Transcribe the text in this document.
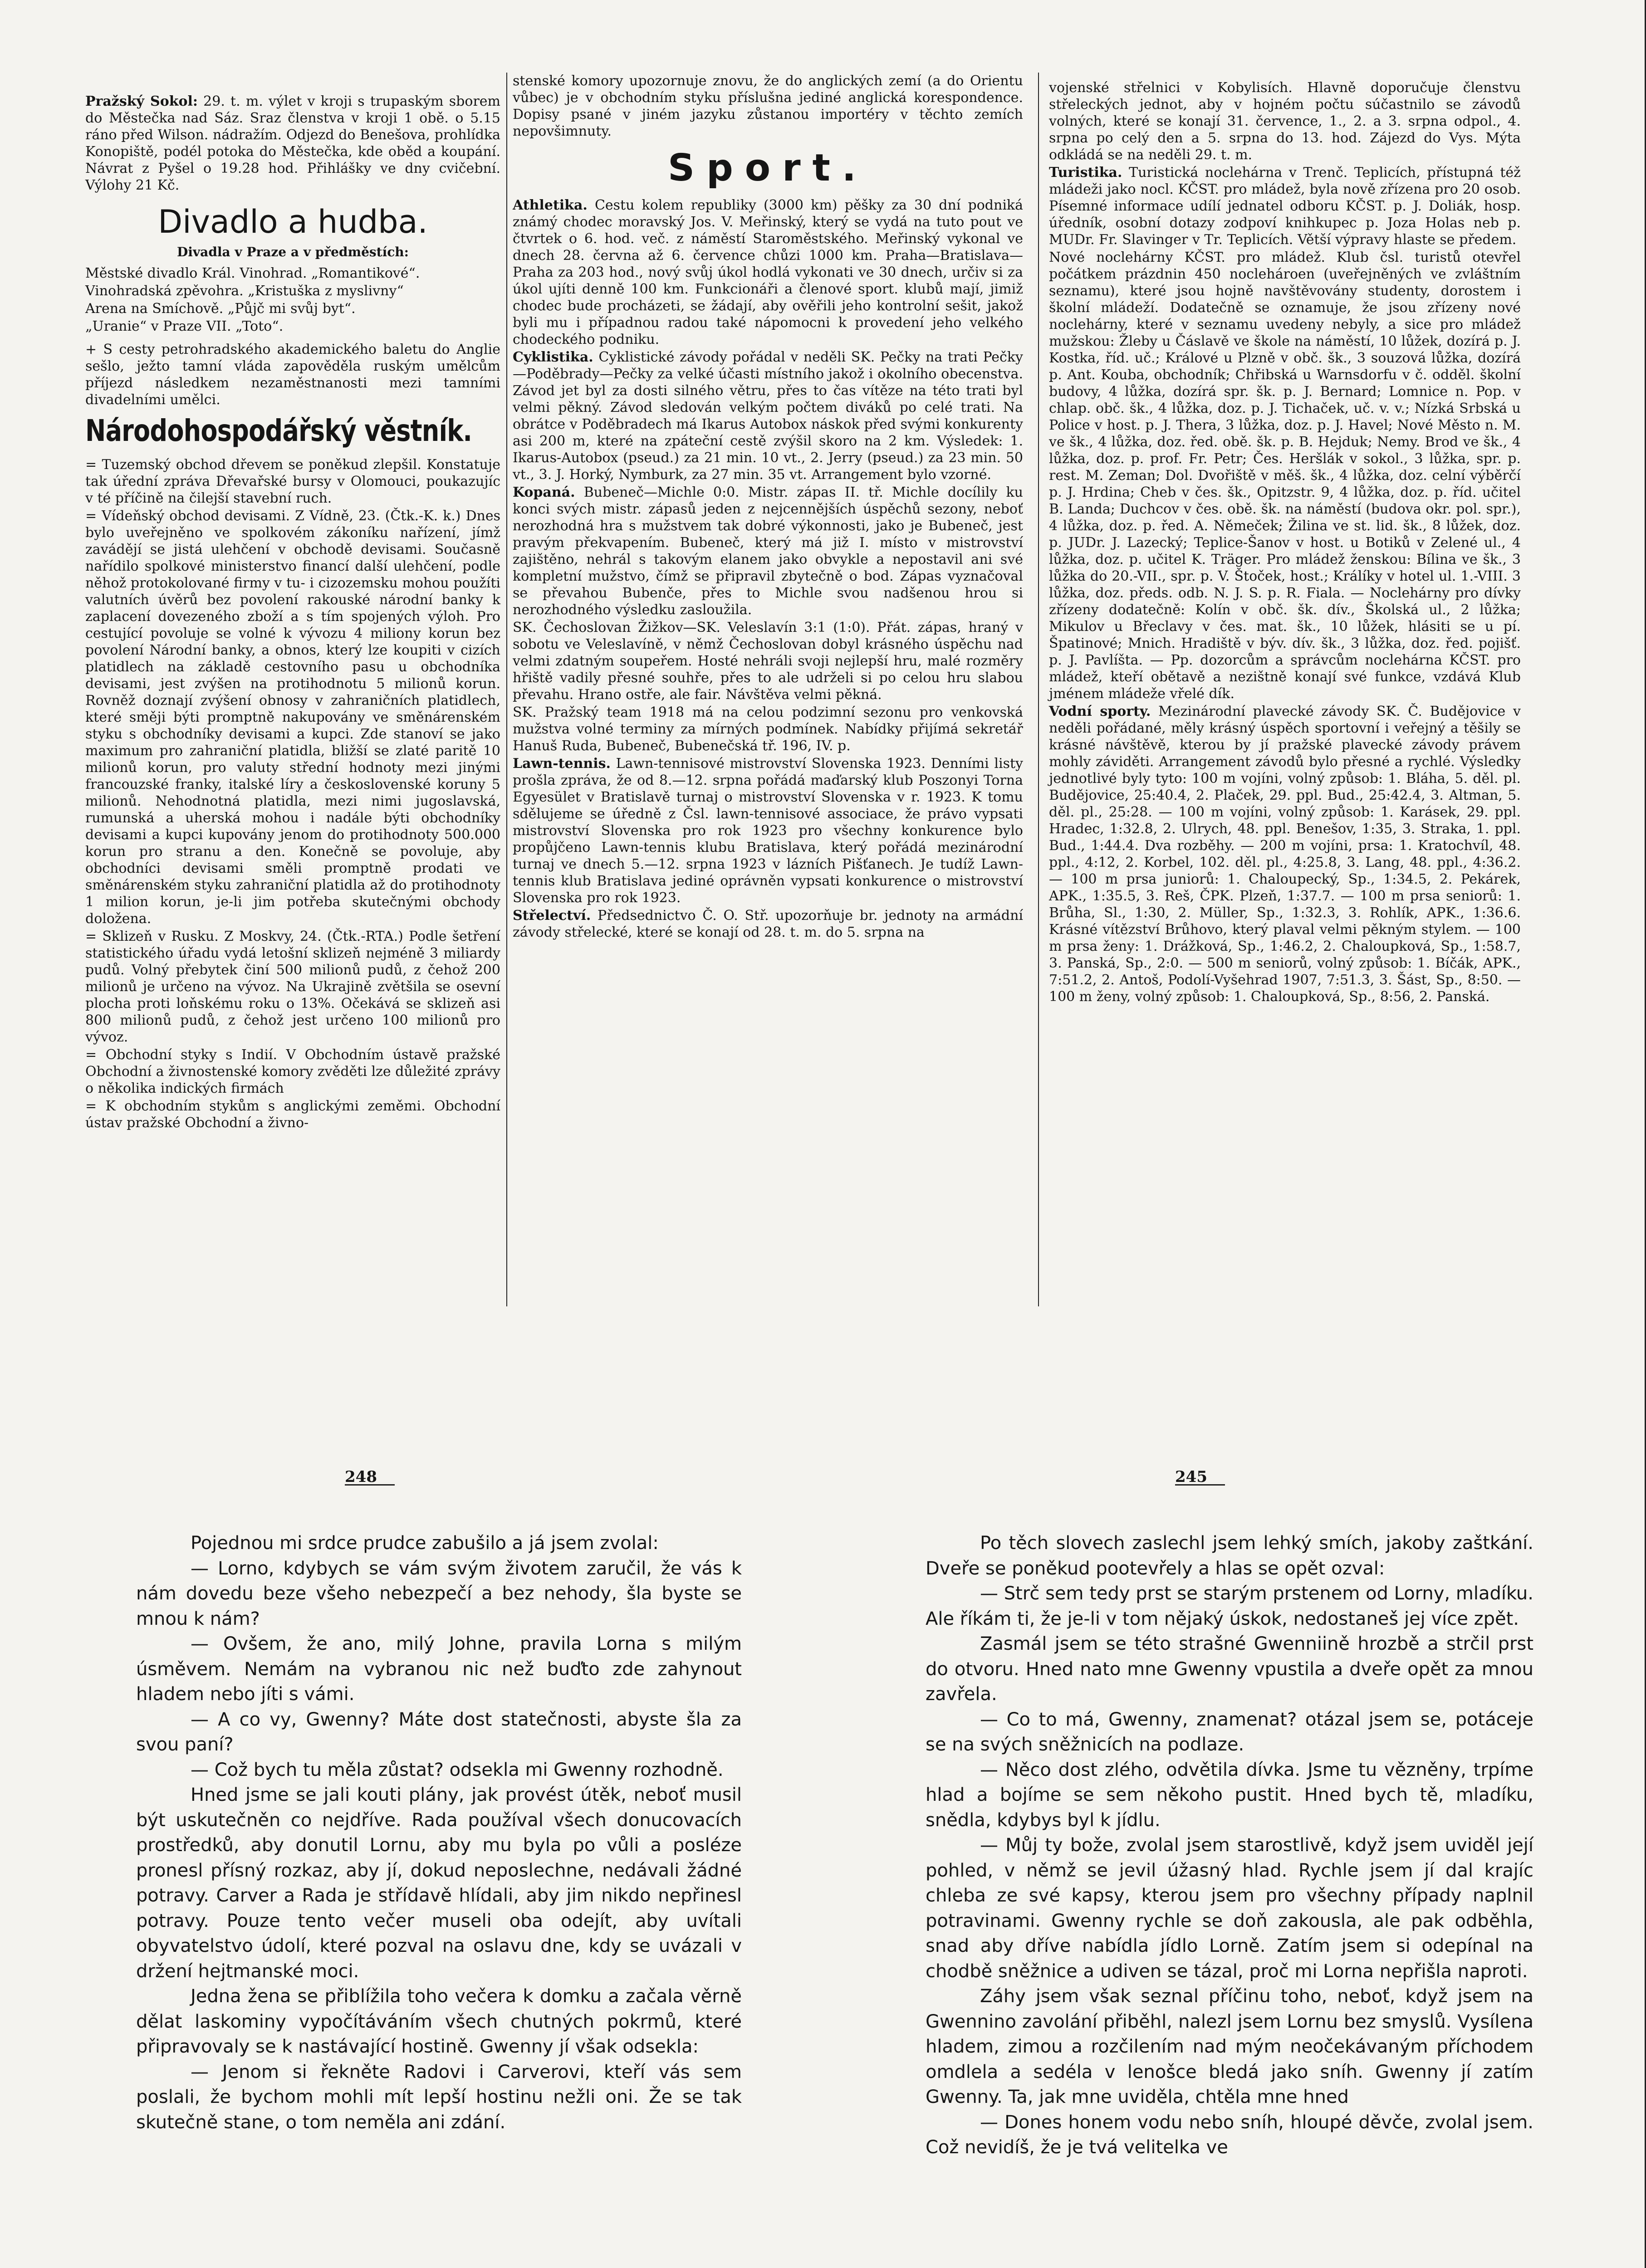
Pražský Sokol: 29. t. m. výlet v kroji s trupaským sborem do Městečka nad Sáz. Sraz členstva v kroji 1 obě. o 5.15 ráno před Wilson. nádražím. Odjezd do Benešova, prohlídka Konopiště, podél potoka do Městečka, kde oběd a koupání. Návrat z Pyšel o 19.28 hod. Přihlášky ve dny cvičební. Výlohy 21 Kč.

Divadlo a hudba.
Divadla v Praze a v předměstích:

Městské divadlo Král. Vinohrad. „Romantikové“.

Vinohradská zpěvohra. „Kristuška z myslivny“

Arena na Smíchově. „Půjč mi svůj byt“.

„Uranie“ v Praze VII. „Toto“.

+ S cesty petrohradského akademického baletu do Anglie sešlo, ježto tamní vláda zapověděla ruským umělcům příjezd následkem nezaměstnanosti mezi tamními divadelními umělci.

Národohospodářský věstník.

= Tuzemský obchod dřevem se poněkud zlepšil. Konstatuje tak úřední zpráva Dřevařské bursy v Olomouci, poukazujíc v té příčině na čilejší stavební ruch.

= Vídeňský obchod devisami. Z Vídně, 23. (Čtk.-K. k.) Dnes bylo uveřejněno ve spolkovém zákoníku nařízení, jímž zavádějí se jistá ulehčení v obchodě devisami. Současně nařídilo spolkové ministerstvo financí další ulehčení, podle něhož protokolované firmy v tu- i cizozemsku mohou použíti valutních úvěrů bez povolení rakouské národní banky k zaplacení dovezeného zboží a s tím spojených výloh. Pro cestující povoluje se volné k vývozu 4 miliony korun bez povolení Národní banky, a obnos, který lze koupiti v cizích platidlech na základě cestovního pasu u obchodníka devisami, jest zvýšen na protihodnotu 5 milionů korun. Rovněž doznají zvýšení obnosy v zahraničních platidlech, které směji býti promptně nakupovány ve směnárenském styku s obchodníky devisami a kupci. Zde stanoví se jako maximum pro zahraniční platidla, bližší se zlaté paritě 10 milionů korun, pro valuty střední hodnoty mezi jinými francouzské franky, italské líry a československé koruny 5 milionů. Nehodnotná platidla, mezi nimi jugoslavská, rumunská a uherská mohou i nadále býti obchodníky devisami a kupci kupovány jenom do protihodnoty 500.000 korun pro stranu a den. Konečně se povoluje, aby obchodníci devisami směli promptně prodati ve směnárenském styku zahraniční platidla až do protihodnoty 1 milion korun, je-li jim potřeba skutečnými obchody doložena.

= Sklizeň v Rusku. Z Moskvy, 24. (Čtk.-RTA.) Podle šetření statistického úřadu vydá letošní sklizeň nejméně 3 miliardy pudů. Volný přebytek činí 500 milionů pudů, z čehož 200 milionů je určeno na vývoz. Na Ukrajině zvětšila se osevní plocha proti loňskému roku o 13%. Očekává se sklizeň asi 800 milionů pudů, z čehož jest určeno 100 milionů pro vývoz.

= Obchodní styky s Indií. V Obchodním ústavě pražské Obchodní a živnostenské komory zvěděti lze důležité zprávy o několika indických firmách

= K obchodním stykům s anglickými zeměmi. Obchodní ústav pražské Obchodní a živno-

stenské komory upozornuje znovu, že do anglických zemí (a do Orientu vůbec) je v obchodním styku příslušna jediné anglická korespondence. Dopisy psané v jiném jazyku zůstanou importéry v těchto zemích nepovšimnuty.

Sport.

Athletika. Cestu kolem republiky (3000 km) pěšky za 30 dní podniká známý chodec moravský Jos. V. Meřinský, který se vydá na tuto pout ve čtvrtek o 6. hod. več. z náměstí Staroměstského. Meřinský vykonal ve dnech 28. června až 6. července chůzi 1000 km. Praha—Bratislava—Praha za 203 hod., nový svůj úkol hodlá vykonati ve 30 dnech, určiv si za úkol ujíti denně 100 km. Funkcionáři a členové sport. klubů mají, jimiž chodec bude procházeti, se žádají, aby ověřili jeho kontrolní sešit, jakož byli mu i případnou radou také nápomocni k provedení jeho velkého chodeckého podniku.

Cyklistika. Cyklistické závody pořádal v neděli SK. Pečky na trati Pečky—Poděbrady—Pečky za velké účasti místního jakož i okolního obecenstva. Závod jet byl za dosti silného větru, přes to čas vítěze na této trati byl velmi pěkný. Závod sledován velkým počtem diváků po celé trati. Na obrátce v Poděbradech má Ikarus Autobox náskok před svými konkurenty asi 200 m, které na zpáteční cestě zvýšil skoro na 2 km. Výsledek: 1. Ikarus-Autobox (pseud.) za 21 min. 10 vt., 2. Jerry (pseud.) za 23 min. 50 vt., 3. J. Horký, Nymburk, za 27 min. 35 vt. Arrangement bylo vzorné.

Kopaná. Bubeneč—Michle 0:0. Mistr. zápas II. tř. Michle docílily ku konci svých mistr. zápasů jeden z nejcennějších úspěchů sezony, neboť nerozhodná hra s mužstvem tak dobré výkonnosti, jako je Bubeneč, jest pravým překvapením. Bubeneč, který má již I. místo v mistrovství zajištěno, nehrál s takovým elanem jako obvykle a nepostavil ani své kompletní mužstvo, čímž se připravil zbytečně o bod. Zápas vyznačoval se převahou Bubenče, přes to Michle svou nadšenou hrou si nerozhodného výsledku zasloužila.

SK. Čechoslovan Žižkov—SK. Veleslavín 3:1 (1:0). Přát. zápas, hraný v sobotu ve Veleslavíně, v němž Čechoslovan dobyl krásného úspěchu nad velmi zdatným soupeřem. Hosté nehráli svoji nejlepší hru, malé rozměry hřiště vadily přesné souhře, přes to ale udrželi si po celou hru slabou převahu. Hrano ostře, ale fair. Návštěva velmi pěkná.

SK. Pražský team 1918 má na celou podzimní sezonu pro venkovská mužstva volné terminy za mírných podmínek. Nabídky přijímá sekretář Hanuš Ruda, Bubeneč, Bubenečská tř. 196, IV. p.

Lawn-tennis. Lawn-tennisové mistrovství Slovenska 1923. Denními listy prošla zpráva, že od 8.—12. srpna pořádá maďarský klub Poszonyi Torna Egyesület v Bratislavě turnaj o mistrovství Slovenska v r. 1923. K tomu sdělujeme se úředně z Čsl. lawn-tennisové associace, že právo vypsati mistrovství Slovenska pro rok 1923 pro všechny konkurence bylo propůjčeno Lawn-tennis klubu Bratislava, který pořádá mezinárodní turnaj ve dnech 5.—12. srpna 1923 v lázních Pišťanech. Je tudíž Lawn-tennis klub Bratislava jediné oprávněn vypsati konkurence o mistrovství Slovenska pro rok 1923.

Střelectví. Předsednictvo Č. O. Stř. upozorňuje br. jednoty na armádní závody střelecké, které se konají od 28. t. m. do 5. srpna na

vojenské střelnici v Kobylisích. Hlavně doporučuje členstvu střeleckých jednot, aby v hojném počtu súčastnilo se závodů volných, které se konají 31. července, 1., 2. a 3. srpna odpol., 4. srpna po celý den a 5. srpna do 13. hod. Zájezd do Vys. Mýta odkládá se na neděli 29. t. m.

Turistika. Turistická noclehárna v Trenč. Teplicích, přístupná též mládeži jako nocl. KČST. pro mládež, byla nově zřízena pro 20 osob. Písemné informace udílí jednatel odboru KČST. p. J. Doliák, hosp. úředník, osobní dotazy zodpoví knihkupec p. Joza Holas neb p. MUDr. Fr. Slavinger v Tr. Teplicích. Větší výpravy hlaste se předem.

Nové noclehárny KČST. pro mládež. Klub čsl. turistů otevřel počátkem prázdnin 450 noclehároen (uveřejněných ve zvláštním seznamu), které jsou hojně navštěvovány studenty, dorostem i školní mládeží. Dodatečně se oznamuje, že jsou zřízeny nové noclehárny, které v seznamu uvedeny nebyly, a sice pro mládež mužskou: Žleby u Čáslavě ve škole na náměstí, 10 lůžek, dozírá p. J. Kostka, říd. uč.; Králové u Plzně v obč. šk., 3 souzová lůžka, dozírá p. Ant. Kouba, obchodník; Chřibská u Warnsdorfu v č. odděl. školní budovy, 4 lůžka, dozírá spr. šk. p. J. Bernard; Lomnice n. Pop. v chlap. obč. šk., 4 lůžka, doz. p. J. Tichaček, uč. v. v.; Nízká Srbská u Police v host. p. J. Thera, 3 lůžka, doz. p. J. Havel; Nové Město n. M. ve šk., 4 lůžka, doz. řed. obě. šk. p. B. Hejduk; Nemy. Brod ve šk., 4 lůžka, doz. p. prof. Fr. Petr; Čes. Heršlák v sokol., 3 lůžka, spr. p. rest. M. Zeman; Dol. Dvořiště v měš. šk., 4 lůžka, doz. celní výběrčí p. J. Hrdina; Cheb v čes. šk., Opitzstr. 9, 4 lůžka, doz. p. říd. učitel B. Landa; Duchcov v čes. obě. šk. na náměstí (budova okr. pol. spr.), 4 lůžka, doz. p. řed. A. Němeček; Žilina ve st. lid. šk., 8 lůžek, doz. p. JUDr. J. Lazecký; Teplice-Šanov v host. u Botiků v Zelené ul., 4 lůžka, doz. p. učitel K. Träger. Pro mládež ženskou: Bílina ve šk., 3 lůžka do 20.-VII., spr. p. V. Štoček, host.; Králíky v hotel ul. 1.-VIII. 3 lůžka, doz. předs. odb. N. J. S. p. R. Fiala. — Noclehárny pro dívky zřízeny dodatečně: Kolín v obč. šk. dív., Školská ul., 2 lůžka; Mikulov u Břeclavy v čes. mat. šk., 10 lůžek, hlásiti se u pí. Špatinové; Mnich. Hradiště v býv. dív. šk., 3 lůžka, doz. řed. pojišť. p. J. Pavlíšta. — Pp. dozorcům a správcům noclehárna KČST. pro mládež, kteří obětavě a nezištně konají své funkce, vzdává Klub jménem mládeže vřelé dík.

Vodní sporty. Mezinárodní plavecké závody SK. Č. Budějovice v neděli pořádané, měly krásný úspěch sportovní i veřejný a těšily se krásné návštěvě, kterou by jí pražské plavecké závody právem mohly záviděti. Arrangement závodů bylo přesné a rychlé. Výsledky jednotlivé byly tyto: 100 m vojíni, volný způsob: 1. Bláha, 5. děl. pl. Budějovice, 25:40.4, 2. Plaček, 29. ppl. Bud., 25:42.4, 3. Altman, 5. děl. pl., 25:28. — 100 m vojíni, volný způsob: 1. Karásek, 29. ppl. Hradec, 1:32.8, 2. Ulrych, 48. ppl. Benešov, 1:35, 3. Straka, 1. ppl. Bud., 1:44.4. Dva rozběhy. — 200 m vojíni, prsa: 1. Kratochvíl, 48. ppl., 4:12, 2. Korbel, 102. děl. pl., 4:25.8, 3. Lang, 48. ppl., 4:36.2. — 100 m prsa juniorů: 1. Chaloupecký, Sp., 1:34.5, 2. Pekárek, APK., 1:35.5, 3. Reš, ČPK. Plzeň, 1:37.7. — 100 m prsa seniorů: 1. Brůha, Sl., 1:30, 2. Müller, Sp., 1:32.3, 3. Rohlík, APK., 1:36.6. Krásné vítězství Brůhovo, který plaval velmi pěkným stylem. — 100 m prsa ženy: 1. Drážková, Sp., 1:46.2, 2. Chaloupková, Sp., 1:58.7, 3. Panská, Sp., 2:0. — 500 m seniorů, volný způsob: 1. Bíčák, APK., 7:51.2, 2. Antoš, Podolí-Vyšehrad 1907, 7:51.3, 3. Šást, Sp., 8:50. — 100 m ženy, volný způsob: 1. Chaloupková, Sp., 8:56, 2. Panská.

248	245

Pojednou mi srdce prudce zabušilo a já jsem zvolal:

— Lorno, kdybych se vám svým životem zaručil, že vás k nám dovedu beze všeho nebezpečí a bez nehody, šla byste se mnou k nám?

— Ovšem, že ano, milý Johne, pravila Lorna s milým úsměvem. Nemám na vybranou nic než buďto zde zahynout hladem nebo jíti s vámi.

— A co vy, Gwenny? Máte dost statečnosti, abyste šla za svou paní?

— Což bych tu měla zůstat? odsekla mi Gwenny rozhodně.

Hned jsme se jali kouti plány, jak provést útěk, neboť musil být uskutečněn co nejdříve. Rada používal všech donucovacích prostředků, aby donutil Lornu, aby mu byla po vůli a posléze pronesl přísný rozkaz, aby jí, dokud neposlechne, nedávali žádné potravy. Carver a Rada je střídavě hlídali, aby jim nikdo nepřinesl potravy. Pouze tento večer museli oba odejít, aby uvítali obyvatelstvo údolí, které pozval na oslavu dne, kdy se uvázali v držení hejtmanské moci.

Jedna žena se přiblížila toho večera k domku a začala věrně dělat laskominy vypočítáváním všech chutných pokrmů, které připravovaly se k nastávající hostině. Gwenny jí však odsekla:

— Jenom si řekněte Radovi i Carverovi, kteří vás sem poslali, že bychom mohli mít lepší hostinu nežli oni. Že se tak skutečně stane, o tom neměla ani zdání.

Po těch slovech zaslechl jsem lehký smích, jakoby zaštkání. Dveře se poněkud pootevřely a hlas se opět ozval:

— Strč sem tedy prst se starým prstenem od Lorny, mladíku. Ale říkám ti, že je-li v tom nějaký úskok, nedostaneš jej více zpět.

Zasmál jsem se této strašné Gwenniině hrozbě a strčil prst do otvoru. Hned nato mne Gwenny vpustila a dveře opět za mnou zavřela.

— Co to má, Gwenny, znamenat? otázal jsem se, potáceje se na svých sněžnicích na podlaze.

— Něco dost zlého, odvětila dívka. Jsme tu vězněny, trpíme hlad a bojíme se sem někoho pustit. Hned bych tě, mladíku, snědla, kdybys byl k jídlu.

— Můj ty bože, zvolal jsem starostlivě, když jsem uviděl její pohled, v němž se jevil úžasný hlad. Rychle jsem jí dal krajíc chleba ze své kapsy, kterou jsem pro všechny případy naplnil potravinami. Gwenny rychle se doň zakousla, ale pak odběhla, snad aby dříve nabídla jídlo Lorně. Zatím jsem si odepínal na chodbě sněžnice a udiven se tázal, proč mi Lorna nepřišla naproti.

Záhy jsem však seznal příčinu toho, neboť, když jsem na Gwennino zavolání přiběhl, nalezl jsem Lornu bez smyslů. Vysílena hladem, zimou a rozčilením nad mým neočekávaným příchodem omdlela a sedéla v lenošce bledá jako sníh. Gwenny jí zatím Gwenny. Ta, jak mne uviděla, chtěla mne hned

— Dones honem vodu nebo sníh, hloupé děvče, zvolal jsem. Což nevidíš, že je tvá velitelka ve
